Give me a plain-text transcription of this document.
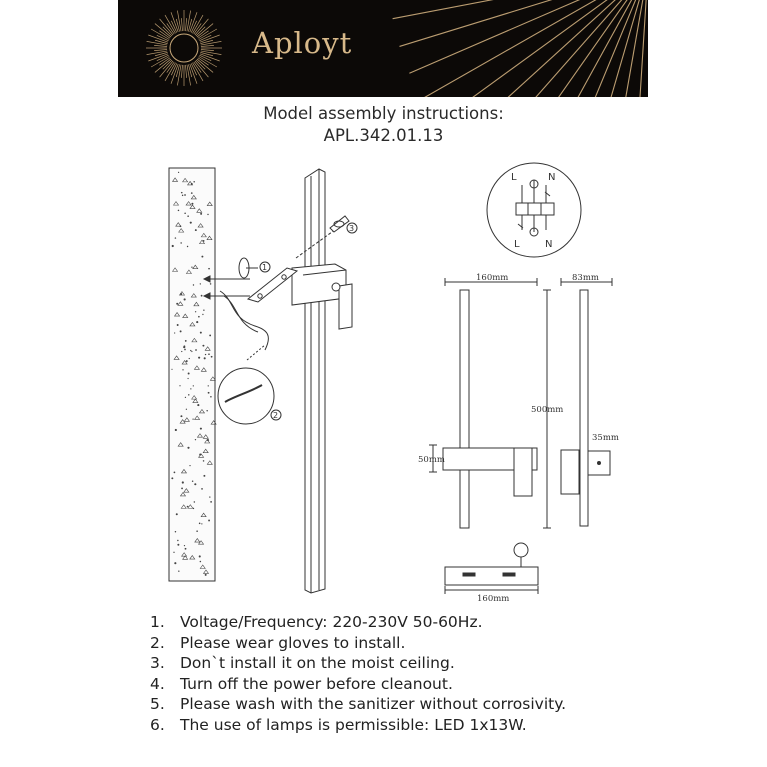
Aployt
Model assembly instructions:
APL.342.01.13
1
2
3
L	N
L	N
160mm	83mm
500mm
50mm
35mm
160mm
1. Voltage/Frequency: 220-230V 50-60Hz.
2. Please wear gloves to install.
3. Don`t install it on the moist ceiling.
4. Turn off the power before cleanout.
5. Please wash with the sanitizer without corrosivity.
6. The use of lamps is permissible: LED 1x13W.
